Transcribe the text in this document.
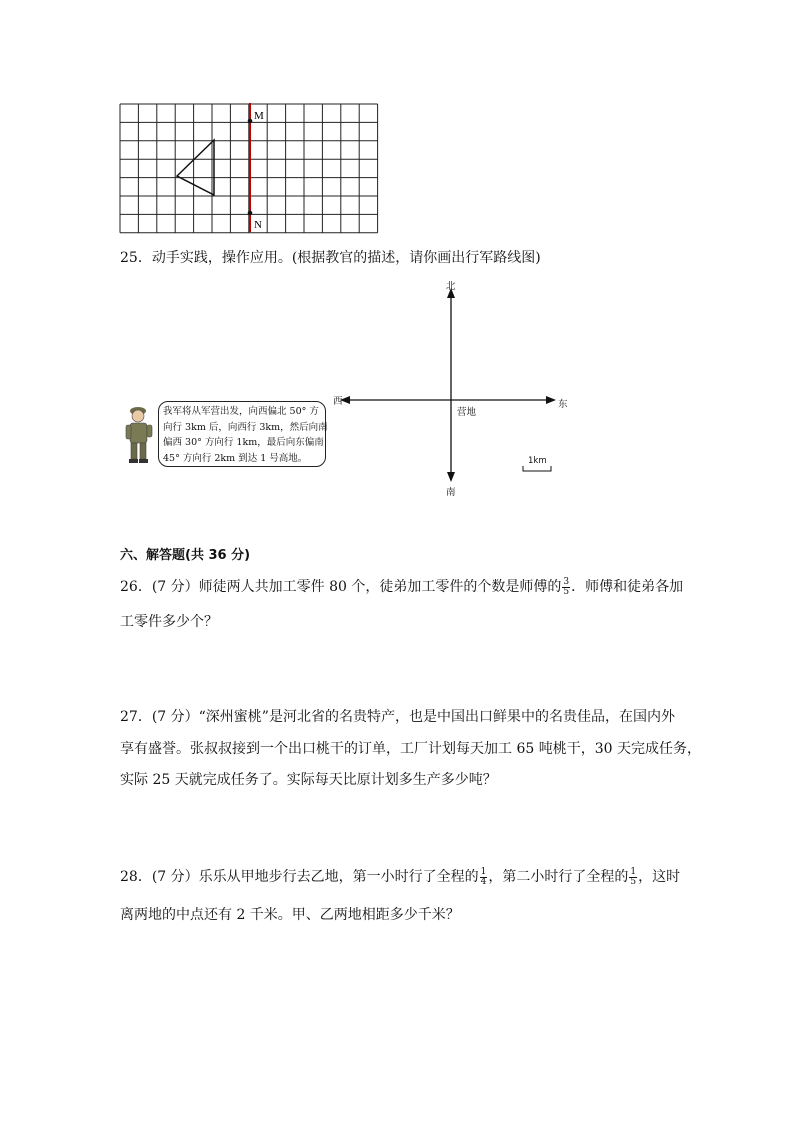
M
N
25．动手实践，操作应用。(根据教官的描述，请你画出行军路线图)
北
南
东
西
营地
1km
我军将从军营出发，向西偏北 50° 方
向行 3km 后，向西行 3km，然后向南
偏西 30° 方向行 1km，最后向东偏南
45° 方向行 2km 到达 1 号高地。
六、解答题(共 36 分)
26．(7 分）师徒两人共加工零件 80 个，徒弟加工零件的个数是师傅的 $\frac{3}{5}$ ．师傅和徒弟各加
工零件多少个？
27．(7 分）“深州蜜桃”是河北省的名贵特产，也是中国出口鲜果中的名贵佳品，在国内外
享有盛誉。张叔叔接到一个出口桃干的订单，工厂计划每天加工 65 吨桃干，30 天完成任务，
实际 25 天就完成任务了。实际每天比原计划多生产多少吨？
28．(7 分）乐乐从甲地步行去乙地，第一小时行了全程的 $\frac{1}{4}$ ，第二小时行了全程的 $\frac{1}{5}$ ，这时
离两地的中点还有 2 千米。甲、乙两地相距多少千米？
